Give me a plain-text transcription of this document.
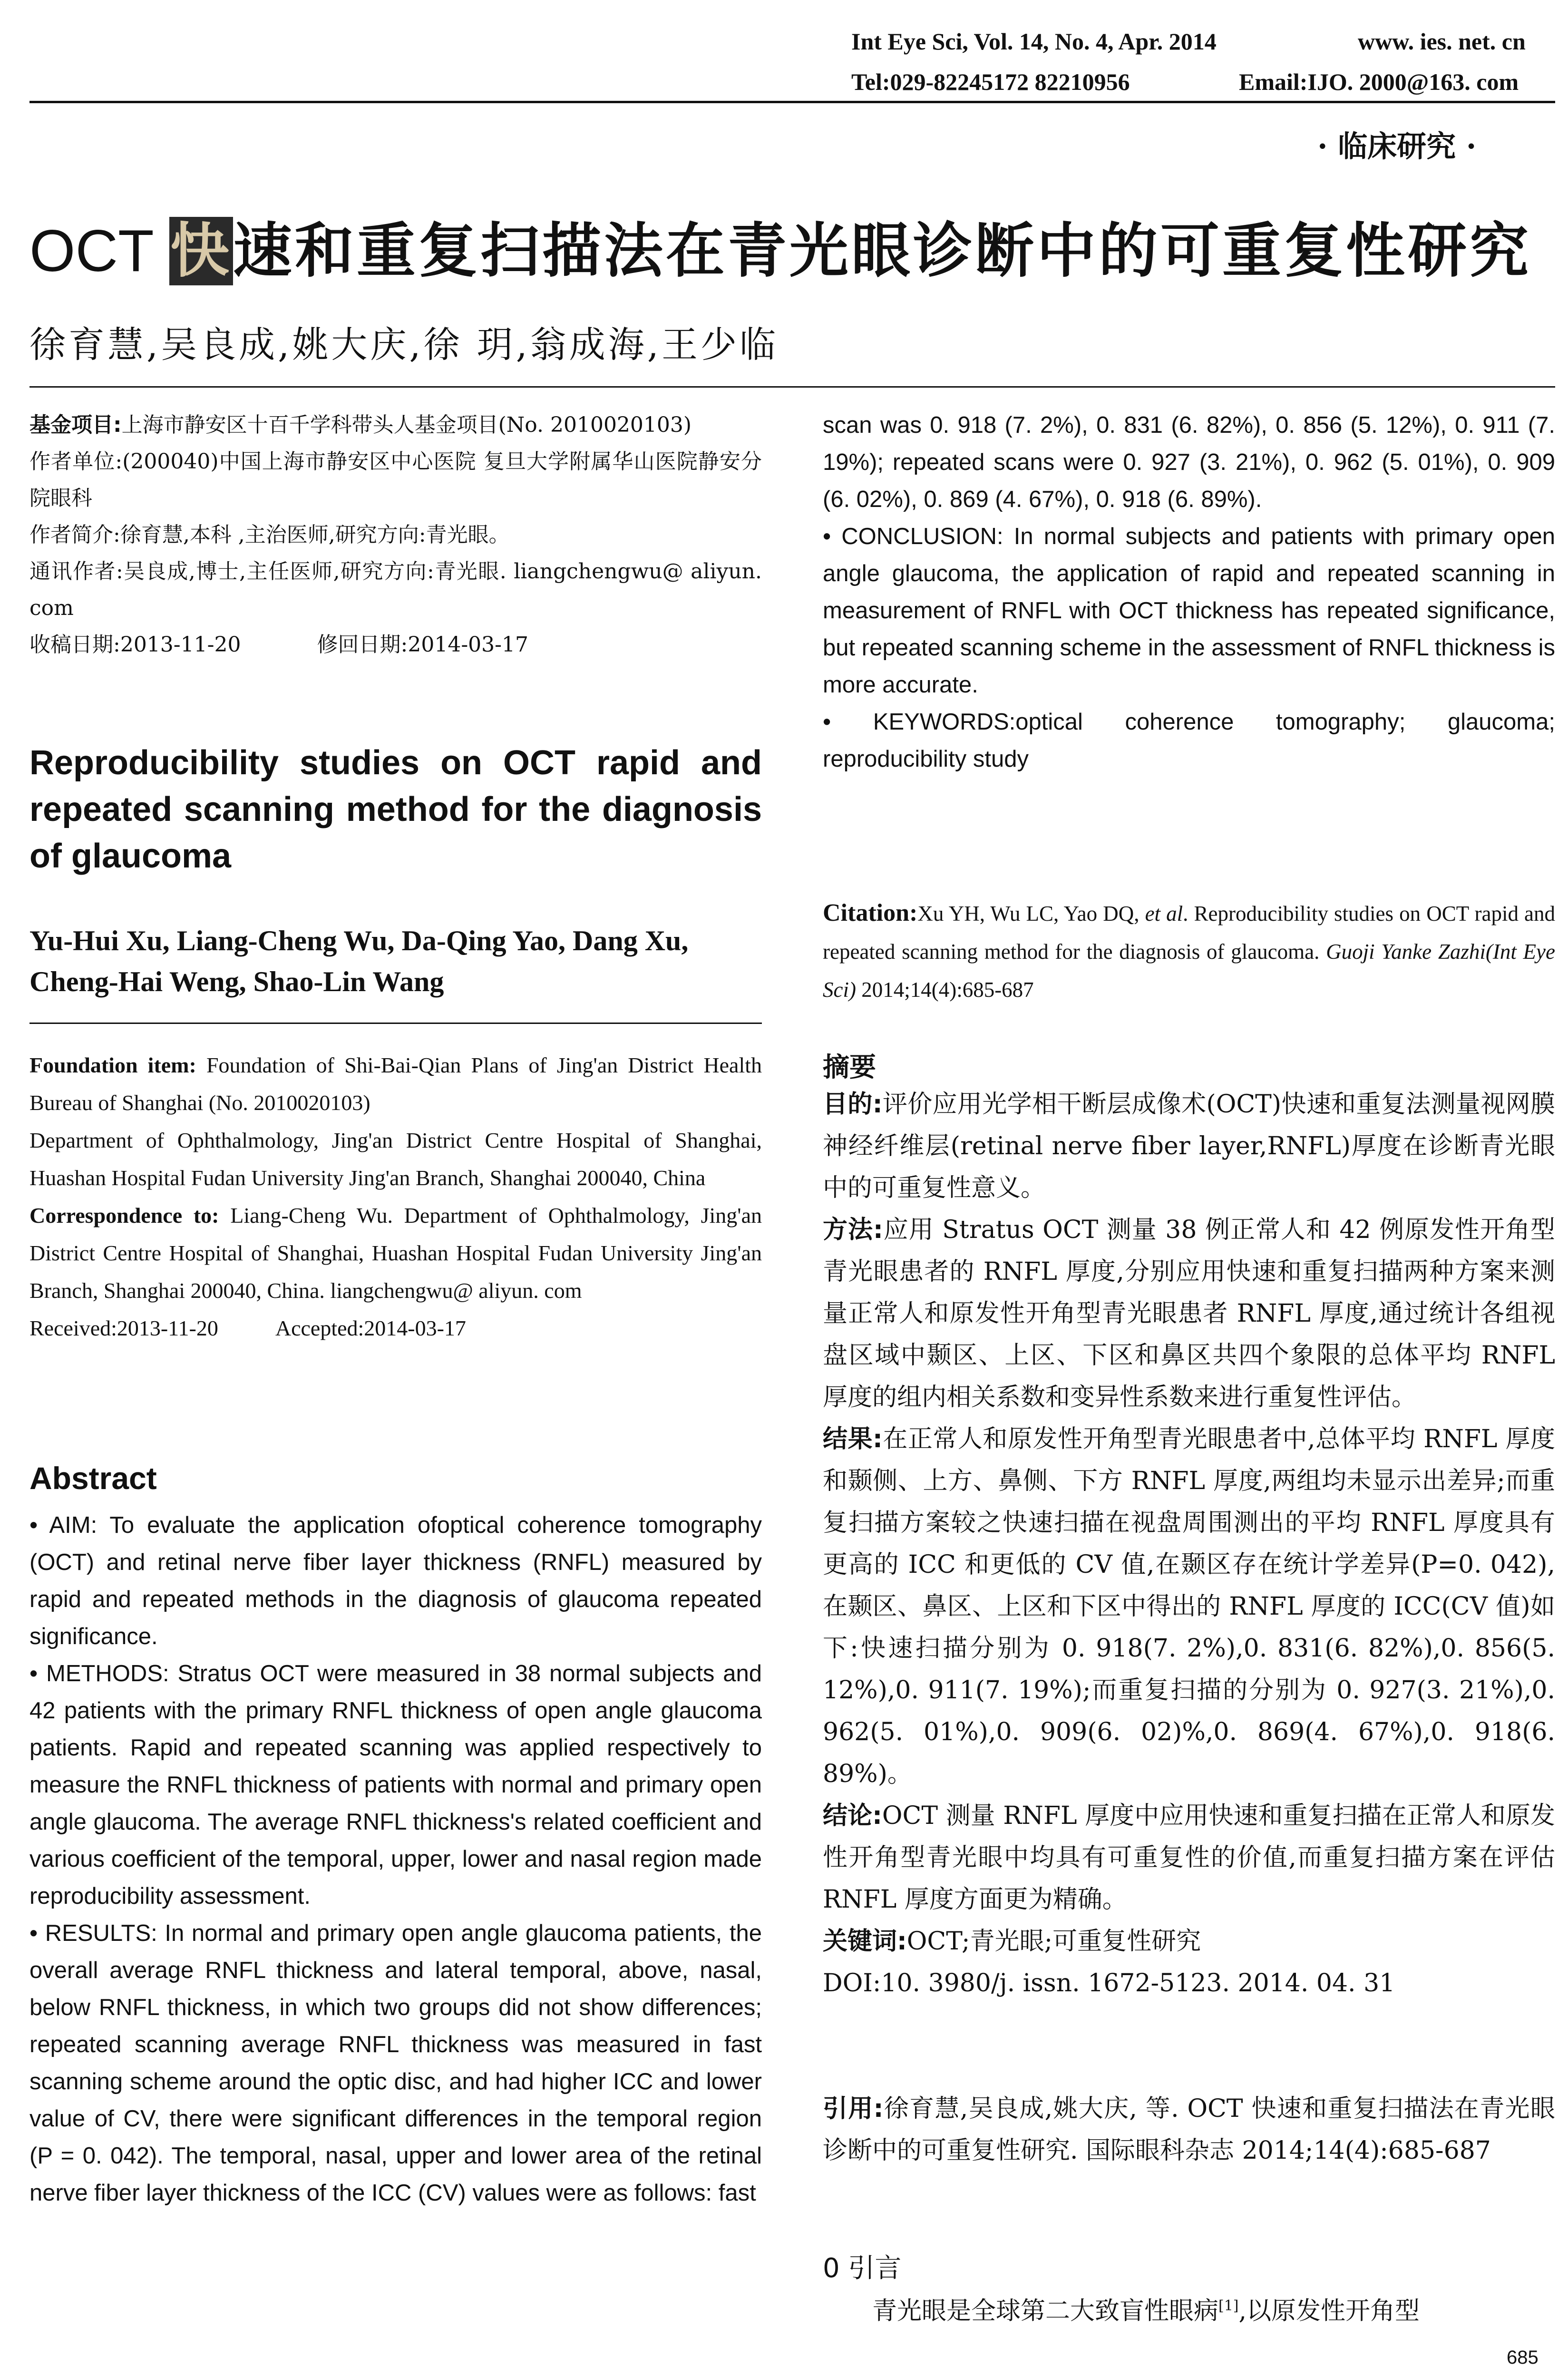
Int Eye Sci, Vol. 14, No. 4, Apr. 2014	www. ies. net. cn
Tel:029-82245172 82210956	Email:IJO. 2000@163. com
· 临床研究 ·
OCT 快速和重复扫描法在青光眼诊断中的可重复性研究
徐育慧,吴良成,姚大庆,徐 玥,翁成海,王少临
基金项目:上海市静安区十百千学科带头人基金项目(No. 2010020103)
作者单位:(200040)中国上海市静安区中心医院 复旦大学附属华山医院静安分院眼科
作者简介:徐育慧,本科 ,主治医师,研究方向:青光眼。
通讯作者:吴良成,博士,主任医师,研究方向:青光眼. liangchengwu@ aliyun. com
收稿日期:2013-11-20	修回日期:2014-03-17
Reproducibility studies on OCT rapid and repeated scanning method for the diagnosis of glaucoma
Yu-Hui Xu, Liang-Cheng Wu, Da-Qing Yao, Dang Xu, Cheng-Hai Weng, Shao-Lin Wang
Foundation item: Foundation of Shi-Bai-Qian Plans of Jing'an District Health Bureau of Shanghai (No. 2010020103)
Department of Ophthalmology, Jing'an District Centre Hospital of Shanghai, Huashan Hospital Fudan University Jing'an Branch, Shanghai 200040, China
Correspondence to: Liang-Cheng Wu. Department of Ophthalmology, Jing'an District Centre Hospital of Shanghai, Huashan Hospital Fudan University Jing'an Branch, Shanghai 200040, China. liangchengwu@ aliyun. com
Received:2013-11-20	Accepted:2014-03-17
Abstract

• AIM: To evaluate the application ofoptical coherence tomography (OCT) and retinal nerve fiber layer thickness (RNFL) measured by rapid and repeated methods in the diagnosis of glaucoma repeated significance.

• METHODS: Stratus OCT were measured in 38 normal subjects and 42 patients with the primary RNFL thickness of open angle glaucoma patients. Rapid and repeated scanning was applied respectively to measure the RNFL thickness of patients with normal and primary open angle glaucoma. The average RNFL thickness's related coefficient and various coefficient of the temporal, upper, lower and nasal region made reproducibility assessment.

• RESULTS: In normal and primary open angle glaucoma patients, the overall average RNFL thickness and lateral temporal, above, nasal, below RNFL thickness, in which two groups did not show differences; repeated scanning average RNFL thickness was measured in fast scanning scheme around the optic disc, and had higher ICC and lower value of CV, there were significant differences in the temporal region (P = 0. 042). The temporal, nasal, upper and lower area of the retinal nerve fiber layer thickness of the ICC (CV) values were as follows: fast

scan was 0. 918 (7. 2%), 0. 831 (6. 82%), 0. 856 (5. 12%), 0. 911 (7. 19%); repeated scans were 0. 927 (3. 21%), 0. 962 (5. 01%), 0. 909 (6. 02%), 0. 869 (4. 67%), 0. 918 (6. 89%).

• CONCLUSION: In normal subjects and patients with primary open angle glaucoma, the application of rapid and repeated scanning in measurement of RNFL with OCT thickness has repeated significance, but repeated scanning scheme in the assessment of RNFL thickness is more accurate.

• KEYWORDS:optical coherence tomography; glaucoma; reproducibility study

Citation:Xu YH, Wu LC, Yao DQ, et al. Reproducibility studies on OCT rapid and repeated scanning method for the diagnosis of glaucoma. Guoji Yanke Zazhi(Int Eye Sci) 2014;14(4):685-687
摘要

目的:评价应用光学相干断层成像术(OCT)快速和重复法测量视网膜神经纤维层(retinal nerve fiber layer,RNFL)厚度在诊断青光眼中的可重复性意义。

方法:应用 Stratus OCT 测量 38 例正常人和 42 例原发性开角型青光眼患者的 RNFL 厚度,分别应用快速和重复扫描两种方案来测量正常人和原发性开角型青光眼患者 RNFL 厚度,通过统计各组视盘区域中颞区、上区、下区和鼻区共四个象限的总体平均 RNFL 厚度的组内相关系数和变异性系数来进行重复性评估。

结果:在正常人和原发性开角型青光眼患者中,总体平均 RNFL 厚度和颞侧、上方、鼻侧、下方 RNFL 厚度,两组均未显示出差异;而重复扫描方案较之快速扫描在视盘周围测出的平均 RNFL 厚度具有更高的 ICC 和更低的 CV 值,在颞区存在统计学差异(P=0. 042),在颞区、鼻区、上区和下区中得出的 RNFL 厚度的 ICC(CV 值)如下:快速扫描分别为 0. 918(7. 2%),0. 831(6. 82%),0. 856(5. 12%),0. 911(7. 19%);而重复扫描的分别为 0. 927(3. 21%),0. 962(5. 01%),0. 909(6. 02)%,0. 869(4. 67%),0. 918(6. 89%)。

结论:OCT 测量 RNFL 厚度中应用快速和重复扫描在正常人和原发性开角型青光眼中均具有可重复性的价值,而重复扫描方案在评估 RNFL 厚度方面更为精确。

关键词:OCT;青光眼;可重复性研究

DOI:10. 3980/j. issn. 1672-5123. 2014. 04. 31

引用:徐育慧,吴良成,姚大庆, 等. OCT 快速和重复扫描法在青光眼诊断中的可重复性研究. 国际眼科杂志 2014;14(4):685-687
0 引言
青光眼是全球第二大致盲性眼病[1],以原发性开角型
685
